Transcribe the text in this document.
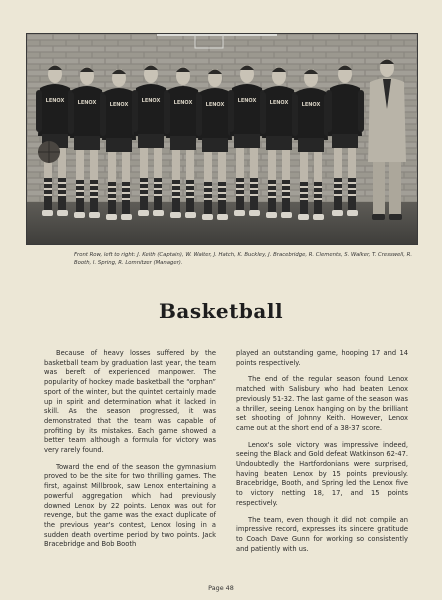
LENOX	LENOX	LENOX
LENOX	LENOX	LENOX
LENOX	LENOX	LENOX
Front Row, left to right: J. Keith (Captain), W. Walter, J. Hatch, K. Buckley, J. Bracebridge, R. Clements, S. Walker, T. Cresswell, R. Booth, I. Spring, R. Lomnitzer (Manager).
Basketball

Because of heavy losses suffered by the basketball team by graduation last year, the team was bereft of experienced manpower. The popularity of hockey made basketball the “orphan” sport of the winter, but the quintet certainly made up in spirit and determination what it lacked in skill. As the season progressed, it was demonstrated that the team was capable of profiting by its mistakes. Each game showed a better team although a formula for victory was very rarely found.

Toward the end of the season the gymnasium proved to be the site for two thrilling games. The first, against Millbrook, saw Lenox entertaining a powerful aggregation which had previously downed Lenox by 22 points. Lenox was out for revenge, but the game was the exact duplicate of the previous year's contest, Lenox losing in a sudden death overtime period by two points. Jack Bracebridge and Bob Booth

played an outstanding game, hooping 17 and 14 points respectively.

The end of the regular season found Lenox matched with Salisbury who had beaten Lenox previously 51-32. The last game of the season was a thriller, seeing Lenox hanging on by the brilliant set shooting of Johnny Keith. However, Lenox came out at the short end of a 38-37 score.

Lenox's sole victory was impressive indeed, seeing the Black and Gold defeat Watkinson 62-47. Undoubtedly the Hartfordonians were surprised, having beaten Lenox by 15 points previously. Bracebridge, Booth, and Spring led the Lenox five to victory netting 18, 17, and 15 points respectively.

The team, even though it did not compile an impressive record, expresses its sincere gratitude to Coach Dave Gunn for working so consistently and patiently with us.

Page 48
